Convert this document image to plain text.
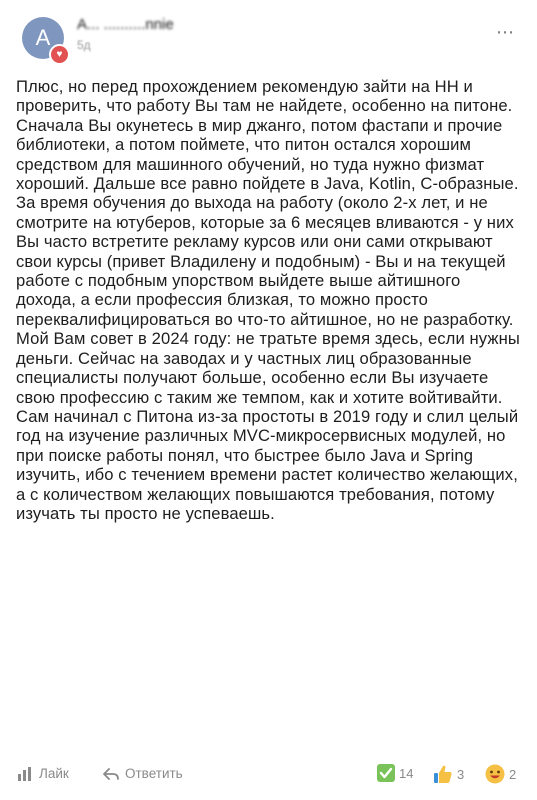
A
♥
A... ..........nnie
5д
⋯

Плюс, но перед прохождением рекомендую зайти на НН и проверить, что работу Вы там не найдете, особенно на питоне. Сначала Вы окунетесь в мир джанго, потом фастапи и прочие библиотеки, а потом поймете, что питон остался хорошим средством для машинного обучений, но туда нужно физмат хороший. Дальше все равно пойдете в Java, Kotlin, C-образные.

За время обучения до выхода на работу (около 2-х лет, и не смотрите на ютуберов, которые за 6 месяцев вливаются - у них Вы часто встретите рекламу курсов или они сами открывают свои курсы (привет Владилену и подобным) - Вы и на текущей работе с подобным упорством выйдете выше айтишного дохода, а если профессия близкая, то можно просто переквалифицироваться во что-то айтишное, но не разработку.

Мой Вам совет в 2024 году: не тратьте время здесь, если нужны деньги. Сейчас на заводах и у частных лиц образованные специалисты получают больше, особенно если Вы изучаете свою профессию с таким же темпом, как и хотите войтивайти.

Сам начинал с Питона из-за простоты в 2019 году и слил целый год на изучение различных MVC-микросервисных модулей, но при поиске работы понял, что быстрее было Java и Spring изучить, ибо с течением времени растет количество желающих, а с количеством желающих повышаются требования, потому изучать ты просто не успеваешь.

Лайк	Ответить	14	3	2
